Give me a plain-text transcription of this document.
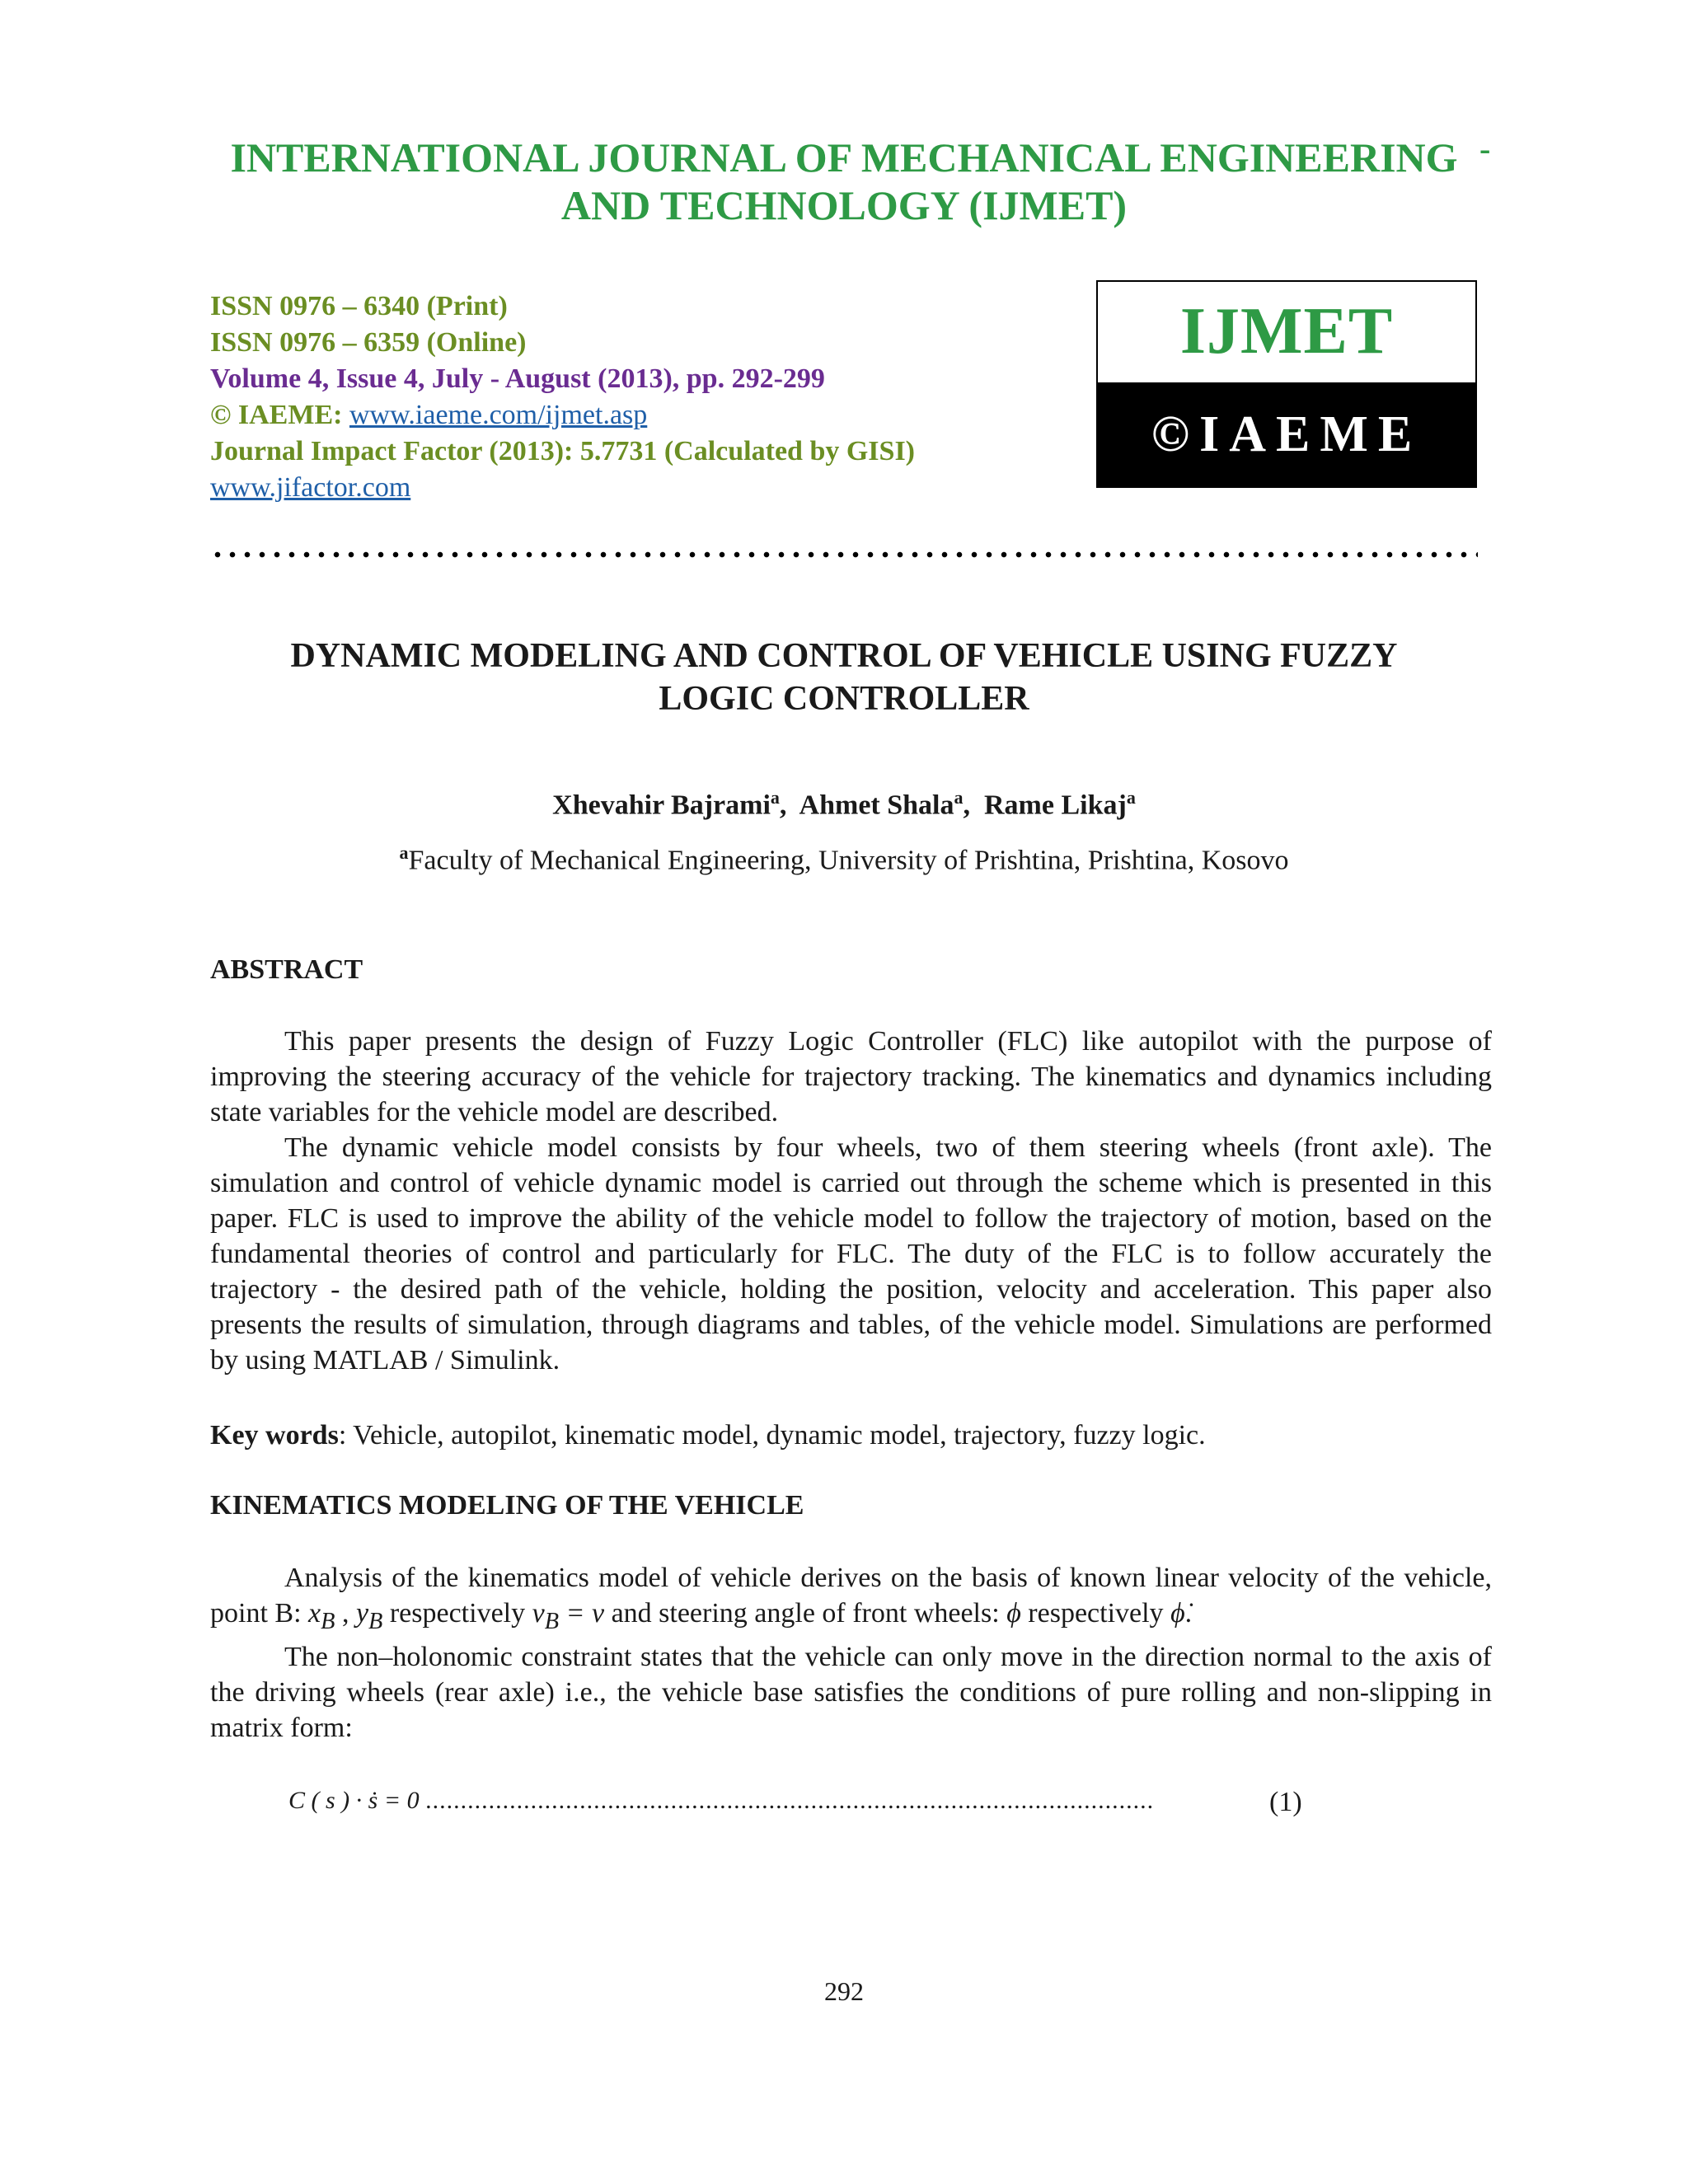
INTERNATIONAL JOURNAL OF MECHANICAL ENGINEERING
AND TECHNOLOGY (IJMET)
-
ISSN 0976 – 6340 (Print)
ISSN 0976 – 6359 (Online)
Volume 4, Issue 4, July - August (2013), pp. 292-299
© IAEME: www.iaeme.com/ijmet.asp
Journal Impact Factor (2013): 5.7731 (Calculated by GISI)
www.jifactor.com
IJMET
©IAEME
DYNAMIC MODELING AND CONTROL OF VEHICLE USING FUZZY
LOGIC CONTROLLER
Xhevahir Bajrami$^a$,  Ahmet Shala$^a$,  Rame Likaj$^a$
$^a$Faculty of Mechanical Engineering, University of Prishtina, Prishtina, Kosovo
ABSTRACT
This paper presents the design of Fuzzy Logic Controller (FLC) like autopilot with the purpose of improving the steering accuracy of the vehicle for trajectory tracking. The kinematics and dynamics including state variables for the vehicle model are described.
The dynamic vehicle model consists by four wheels, two of them steering wheels (front axle). The simulation and control of vehicle dynamic model is carried out through the scheme which is presented in this paper. FLC is used to improve the ability of the vehicle model to follow the trajectory of motion, based on the fundamental theories of control and particularly for FLC. The duty of the FLC is to follow accurately the trajectory - the desired path of the vehicle, holding the position, velocity and acceleration. This paper also presents the results of simulation, through diagrams and tables, of the vehicle model. Simulations are performed by using MATLAB / Simulink.
Key words: Vehicle, autopilot, kinematic model, dynamic model, trajectory, fuzzy logic.
KINEMATICS MODELING OF THE VEHICLE
Analysis of the kinematics model of vehicle derives on the basis of known linear velocity of the vehicle, point B: $x_B$ , $y_B$ respectively $v_B = v$ and steering angle of front wheels: ϕ respectively ϕ̇.
The non–holonomic constraint states that the vehicle can only move in the direction normal to the axis of the driving wheels (rear axle) i.e., the vehicle base satisfies the conditions of pure rolling and non-slipping in matrix form:
C ( s ) · ṡ = 0 ........................................................................................................	(1)
292
